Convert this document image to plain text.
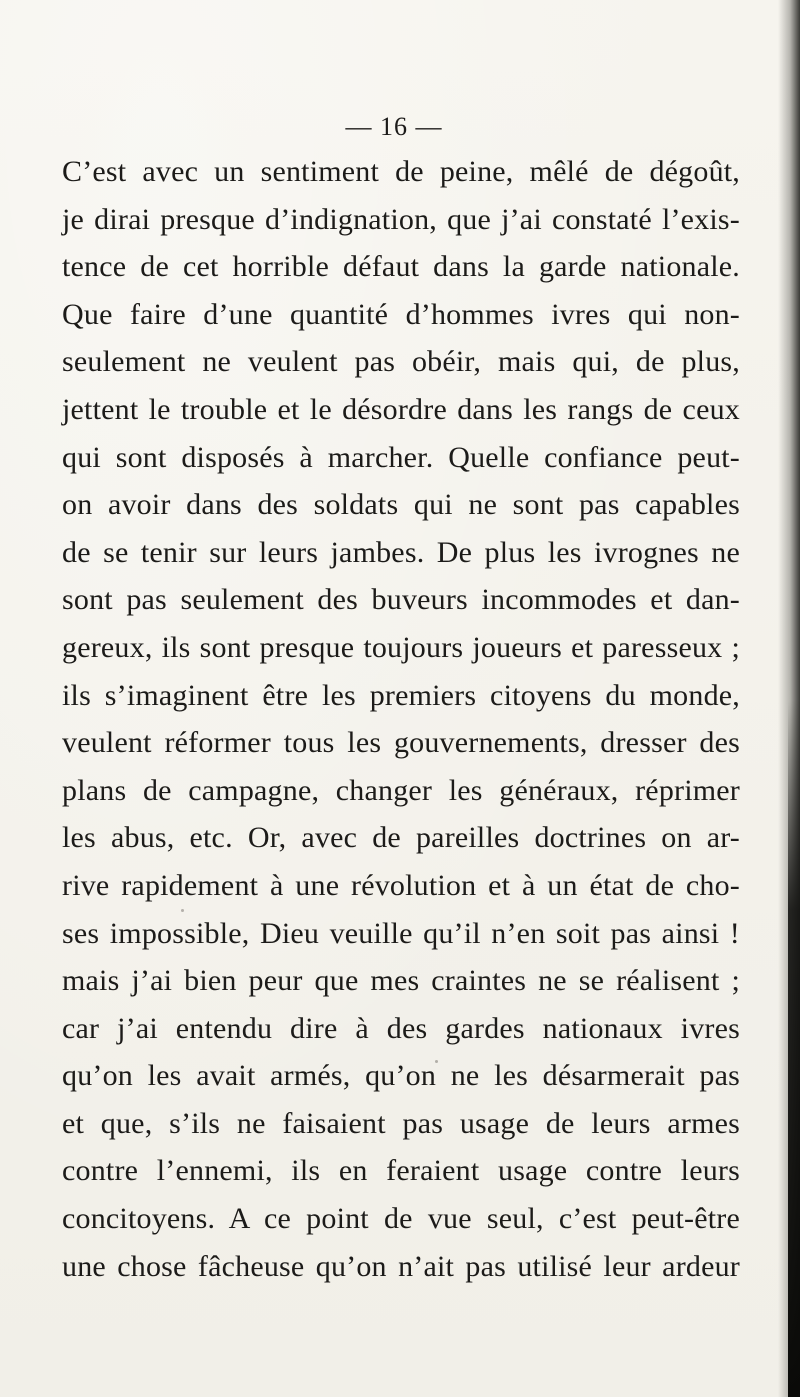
— 16 —
C’est avec un sentiment de peine, mêlé de dégoût,
je dirai presque d’indignation, que j’ai constaté l’exis-
tence de cet horrible défaut dans la garde nationale.
Que faire d’une quantité d’hommes ivres qui non-
seulement ne veulent pas obéir, mais qui, de plus,
jettent le trouble et le désordre dans les rangs de ceux
qui sont disposés à marcher. Quelle confiance peut-
on avoir dans des soldats qui ne sont pas capables
de se tenir sur leurs jambes. De plus les ivrognes ne
sont pas seulement des buveurs incommodes et dan-
gereux, ils sont presque toujours joueurs et paresseux ;
ils s’imaginent être les premiers citoyens du monde,
veulent réformer tous les gouvernements, dresser des
plans de campagne, changer les généraux, réprimer
les abus, etc. Or, avec de pareilles doctrines on ar-
rive rapidement à une révolution et à un état de cho-
ses impossible, Dieu veuille qu’il n’en soit pas ainsi !
mais j’ai bien peur que mes craintes ne se réalisent ;
car j’ai entendu dire à des gardes nationaux ivres
qu’on les avait armés, qu’on ne les désarmerait pas
et que, s’ils ne faisaient pas usage de leurs armes
contre l’ennemi, ils en feraient usage contre leurs
concitoyens. A ce point de vue seul, c’est peut-être
une chose fâcheuse qu’on n’ait pas utilisé leur ardeur
